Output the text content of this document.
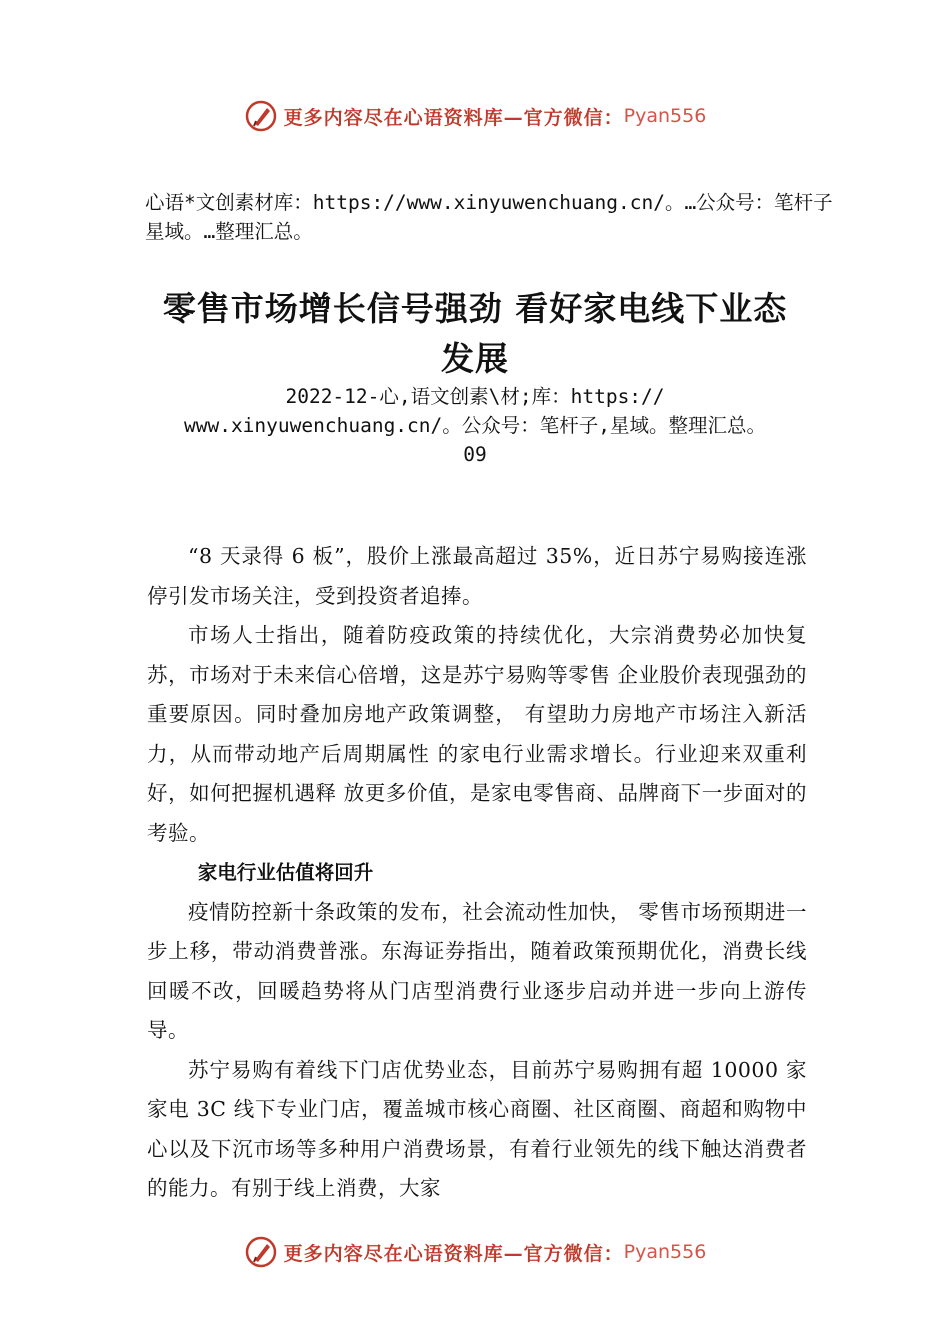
更多内容尽在心语资料库—官方微信： Pyan556
心语*文创素材库：https://www.xinyuwenchuang.cn/。…公众号：笔杆子星域。…整理汇总。
零售市场增长信号强劲 看好家电线下业态
发展
2022-12-心,语文创素\材;库：https://
www.xinyuwenchuang.cn/。公众号：笔杆子,星域。整理汇总。
09

“8 天录得 6 板”，股价上涨最高超过 35%，近日苏宁易购接连涨停引发市场关注，受到投资者追捧。

市场人士指出，随着防疫政策的持续优化，大宗消费势必加快复苏，市场对于未来信心倍增，这是苏宁易购等零售 企业股价表现强劲的重要原因。同时叠加房地产政策调整， 有望助力房地产市场注入新活力，从而带动地产后周期属性 的家电行业需求增长。行业迎来双重利好，如何把握机遇释 放更多价值，是家电零售商、品牌商下一步面对的考验。

家电行业估值将回升

疫情防控新十条政策的发布，社会流动性加快， 零售市场预期进一步上移，带动消费普涨。东海证券指出，随着政策预期优化，消费长线回暖不改，回暖趋势将从门店型消费行业逐步启动并进一步向上游传导。

苏宁易购有着线下门店优势业态，目前苏宁易购拥有超 10000 家家电 3C 线下专业门店，覆盖城市核心商圈、社区商圈、商超和购物中心以及下沉市场等多种用户消费场景，有着行业领先的线下触达消费者的能力。有别于线上消费，大家

更多内容尽在心语资料库—官方微信： Pyan556
